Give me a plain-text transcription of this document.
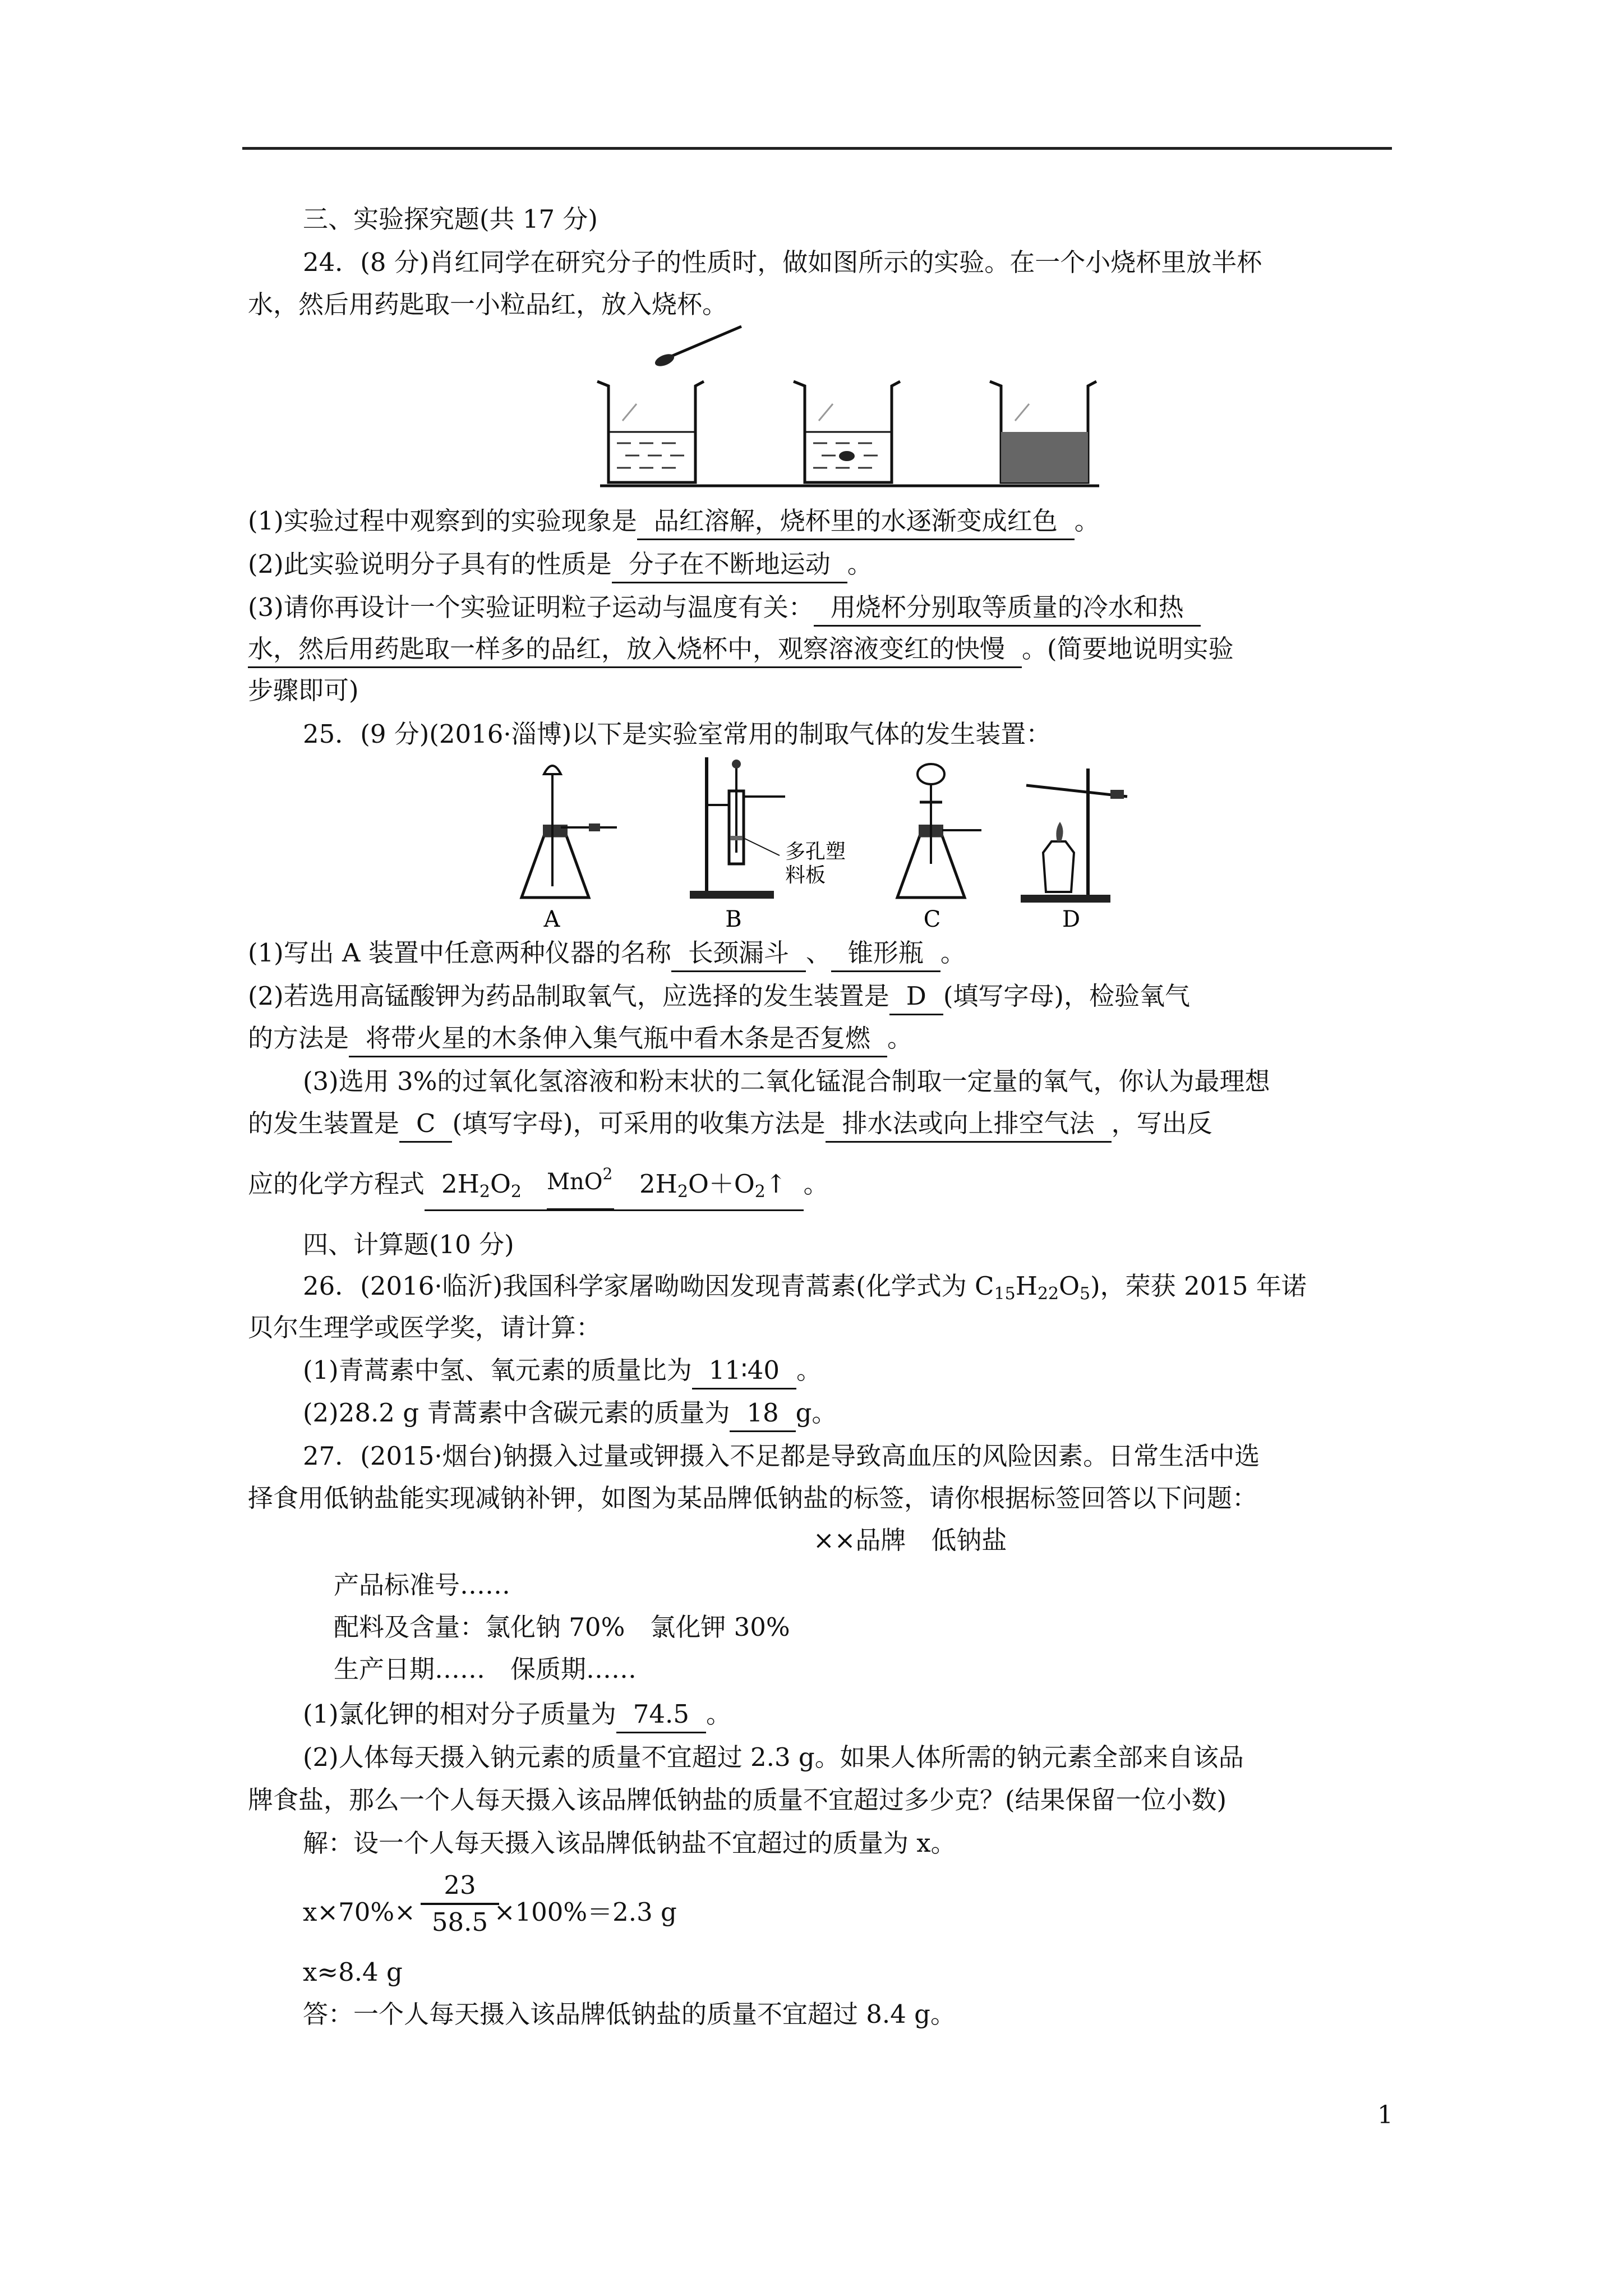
三、实验探究题(共 17 分)
24．(8 分)肖红同学在研究分子的性质时，做如图所示的实验。在一个小烧杯里放半杯
水，然后用药匙取一小粒品红，放入烧杯。
(1)实验过程中观察到的实验现象是 品红溶解，烧杯里的水逐渐变成红色 。
(2)此实验说明分子具有的性质是 分子在不断地运动 。
(3)请你再设计一个实验证明粒子运动与温度有关： 用烧杯分别取等质量的冷水和热
水，然后用药匙取一样多的品红，放入烧杯中，观察溶液变红的快慢 。(简要地说明实验
步骤即可)
25．(9 分)(2016·淄博)以下是实验室常用的制取气体的发生装置：
多孔塑
料板
A	B	C	D
(1)写出 A 装置中任意两种仪器的名称 长颈漏斗 、 锥形瓶 。
(2)若选用高锰酸钾为药品制取氧气，应选择的发生装置是 D (填写字母)，检验氧气
的方法是 将带火星的木条伸入集气瓶中看木条是否复燃 。
(3)选用 3%的过氧化氢溶液和粉末状的二氧化锰混合制取一定量的氧气，你认为最理想
的发生装置是 C (填写字母)，可采用的收集方法是 排水法或向上排空气法 ，写出反
应的化学方程式 $2H_2O_2$  MnO$^2$
  $2H_2O+O_2↑$ 。
四、计算题(10 分)
26．(2016·临沂)我国科学家屠呦呦因发现青蒿素(化学式为 $C_{15}H_{22}O_5$)，荣获 2015 年诺
贝尔生理学或医学奖，请计算：
(1)青蒿素中氢、氧元素的质量比为 11∶40 。
(2)28.2 g 青蒿素中含碳元素的质量为 18 g。
27．(2015·烟台)钠摄入过量或钾摄入不足都是导致高血压的风险因素。日常生活中选
择食用低钠盐能实现减钠补钾，如图为某品牌低钠盐的标签，请你根据标签回答以下问题：
××品牌　低钠盐
产品标准号……
配料及含量：氯化钠 70%　氯化钾 30%
生产日期……　保质期……
(1)氯化钾的相对分子质量为 74.5 。
(2)人体每天摄入钠元素的质量不宜超过 2.3 g。如果人体所需的钠元素全部来自该品
牌食盐，那么一个人每天摄入该品牌低钠盐的质量不宜超过多少克？(结果保留一位小数)
解：设一个人每天摄入该品牌低钠盐不宜超过的质量为 x。
x×70%×	×100%＝2.3 g
$\frac{23}{58.5}$
x≈8.4 g
答：一个人每天摄入该品牌低钠盐的质量不宜超过 8.4 g。
1
